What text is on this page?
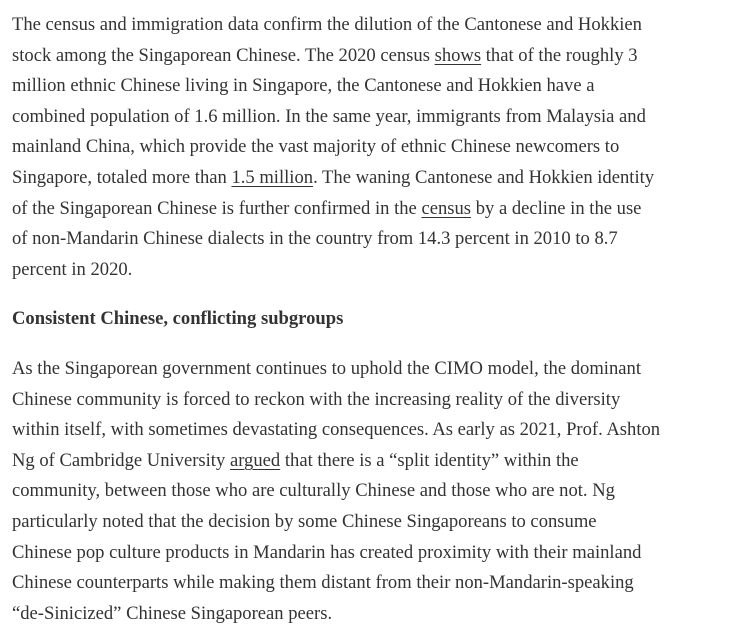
The census and immigration data confirm the dilution of the Cantonese and Hokkien
stock among the Singaporean Chinese. The 2020 census shows that of the roughly 3
million ethnic Chinese living in Singapore, the Cantonese and Hokkien have a
combined population of 1.6 million. In the same year, immigrants from Malaysia and
mainland China, which provide the vast majority of ethnic Chinese newcomers to
Singapore, totaled more than 1.5 million. The waning Cantonese and Hokkien identity
of the Singaporean Chinese is further confirmed in the census by a decline in the use
of non-Mandarin Chinese dialects in the country from 14.3 percent in 2010 to 8.7
percent in 2020.

Consistent Chinese, conflicting subgroups

As the Singaporean government continues to uphold the CIMO model, the dominant
Chinese community is forced to reckon with the increasing reality of the diversity
within itself, with sometimes devastating consequences. As early as 2021, Prof. Ashton
Ng of Cambridge University argued that there is a “split identity” within the
community, between those who are culturally Chinese and those who are not. Ng
particularly noted that the decision by some Chinese Singaporeans to consume
Chinese pop culture products in Mandarin has created proximity with their mainland
Chinese counterparts while making them distant from their non-Mandarin-speaking
“de-Sinicized” Chinese Singaporean peers.
